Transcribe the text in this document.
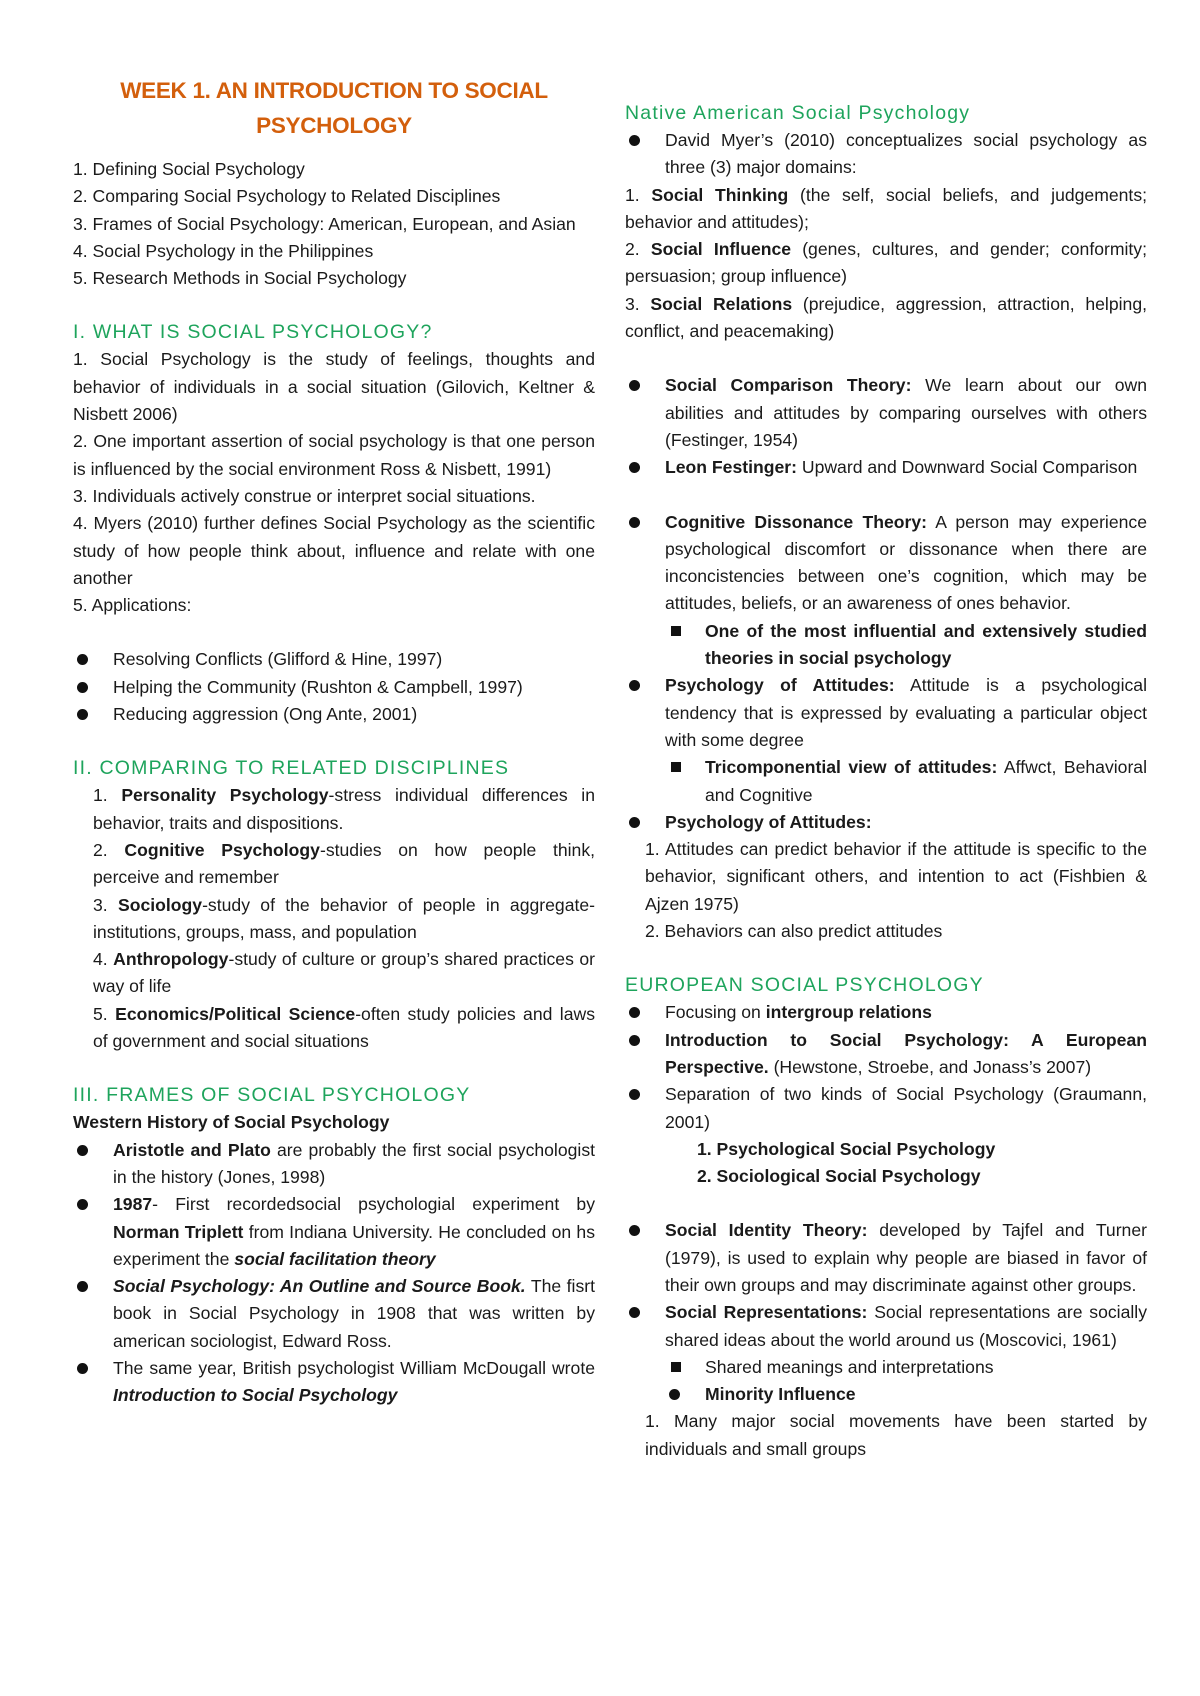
WEEK 1. AN INTRODUCTION TO SOCIAL
PSYCHOLOGY

1. Defining Social Psychology

2. Comparing Social Psychology to Related Disciplines

3. Frames of Social Psychology: American, European, and Asian

4. Social Psychology in the Philippines

5. Research Methods in Social Psychology

I. WHAT IS SOCIAL PSYCHOLOGY?

1. Social Psychology is the study of feelings, thoughts and behavior of individuals in a social situation (Gilovich, Keltner & Nisbett 2006)

2. One important assertion of social psychology is that one person is influenced by the social environment Ross & Nisbett, 1991)

3. Individuals actively construe or interpret social situations.

4. Myers (2010) further defines Social Psychology as the scientific study of how people think about, influence and relate with one another

5. Applications:

Resolving Conflicts (Glifford & Hine, 1997)
Helping the Community (Rushton & Campbell, 1997)
Reducing aggression (Ong Ante, 2001)
II. COMPARING TO RELATED DISCIPLINES

1. Personality Psychology-stress individual differences in behavior, traits and dispositions.

2. Cognitive Psychology-studies on how people think, perceive and remember

3. Sociology-study of the behavior of people in aggregate-institutions, groups, mass, and population

4. Anthropology-study of culture or group’s shared practices or way of life

5. Economics/Political Science-often study policies and laws of government and social situations

III. FRAMES OF SOCIAL PSYCHOLOGY

Western History of Social Psychology

Aristotle and Plato are probably the first social psychologist in the history (Jones, 1998)
1987- First recordedsocial psychologial experiment by Norman Triplett from Indiana University. He concluded on hs experiment the social facilitation theory
Social Psychology: An Outline and Source Book. The fisrt book in Social Psychology in 1908 that was written by american sociologist, Edward Ross.
The same year, British psychologist William McDougall wrote Introduction to Social Psychology
Native American Social Psychology
David Myer’s (2010) conceptualizes social psychology as three (3) major domains:

1. Social Thinking (the self, social beliefs, and judgements; behavior and attitudes);

2. Social Influence (genes, cultures, and gender; conformity; persuasion; group influence)

3. Social Relations (prejudice, aggression, attraction, helping, conflict, and peacemaking)

Social Comparison Theory: We learn about our own abilities and attitudes by comparing ourselves with others (Festinger, 1954)
Leon Festinger: Upward and Downward Social Comparison
Cognitive Dissonance Theory: A person may experience psychological discomfort or dissonance when there are inconcistencies between one’s cognition, which may be attitudes, beliefs, or an awareness of ones behavior.
One of the most influential and extensively studied theories in social psychology
Psychology of Attitudes: Attitude is a psychological tendency that is expressed by evaluating a particular object with some degree
Tricomponential view of attitudes: Affwct, Behavioral and Cognitive
Psychology of Attitudes:

1. Attitudes can predict behavior if the attitude is specific to the behavior, significant others, and intention to act (Fishbien & Ajzen 1975)

2. Behaviors can also predict attitudes

EUROPEAN SOCIAL PSYCHOLOGY
Focusing on intergroup relations
Introduction to Social Psychology: A European Perspective. (Hewstone, Stroebe, and Jonass’s 2007)
Separation of two kinds of Social Psychology (Graumann, 2001)

1. Psychological Social Psychology

2. Sociological Social Psychology

Social Identity Theory: developed by Tajfel and Turner (1979), is used to explain why people are biased in favor of their own groups and may discriminate against other groups.
Social Representations: Social representations are socially shared ideas about the world around us (Moscovici, 1961)
Shared meanings and interpretations
Minority Influence

1. Many major social movements have been started by individuals and small groups
